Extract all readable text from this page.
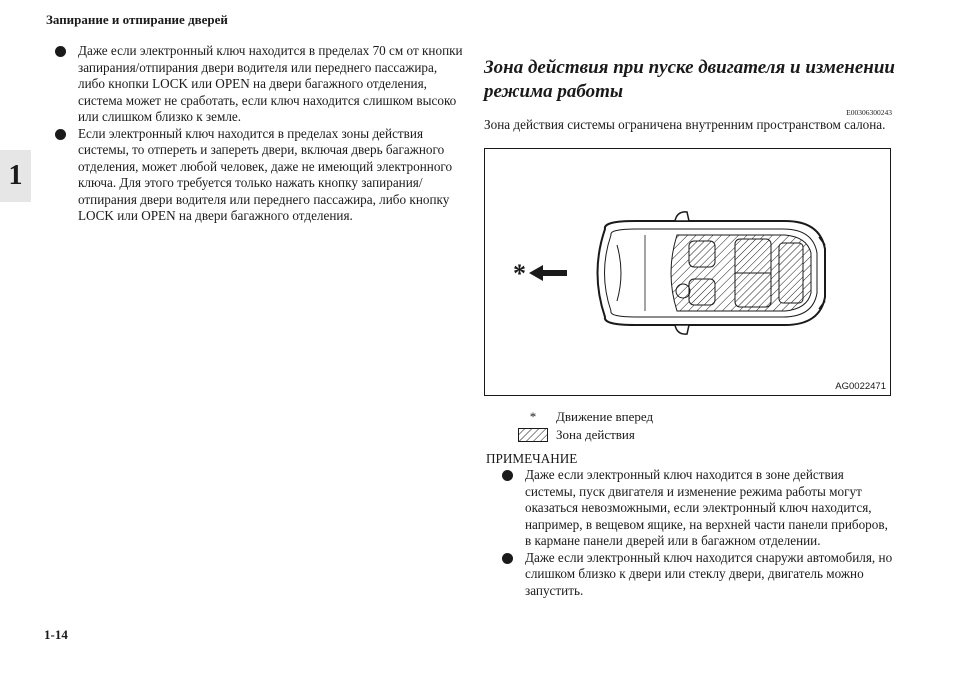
Запирание и отпирание дверей
1
Даже если электронный ключ находится в пределах 70 см от кнопки запирания/отпирания двери водителя или переднего пассажира, либо кнопки LOCK или OPEN на двери багажного отделения, система может не сработать, если ключ находится слишком высоко или слишком близко к земле.
Если электронный ключ находится в пределах зоны действия системы, то отпереть и запереть двери, включая дверь багажного отделения, может любой человек, даже не имеющий электронного ключа. Для этого требуется только нажать кнопку запирания/отпирания двери водителя или переднего пассажира, либо кнопку LOCK или OPEN на двери багажного отделения.
Зона действия при пуске двигателя и изменении режима работы
E00306300243
Зона действия системы ограничена внутренним пространством салона.
*
AG0022471
*	Движение вперед
Зона действия
ПРИМЕЧАНИЕ
Даже если электронный ключ находится в зоне действия системы, пуск двигателя и изменение режима работы могут оказаться невозможными, если электронный ключ находится, например, в вещевом ящике, на верхней части панели приборов, в кармане панели дверей или в багажном отделении.
Даже если электронный ключ находится снаружи автомобиля, но слишком близко к двери или стеклу двери, двигатель можно запустить.
1-14
